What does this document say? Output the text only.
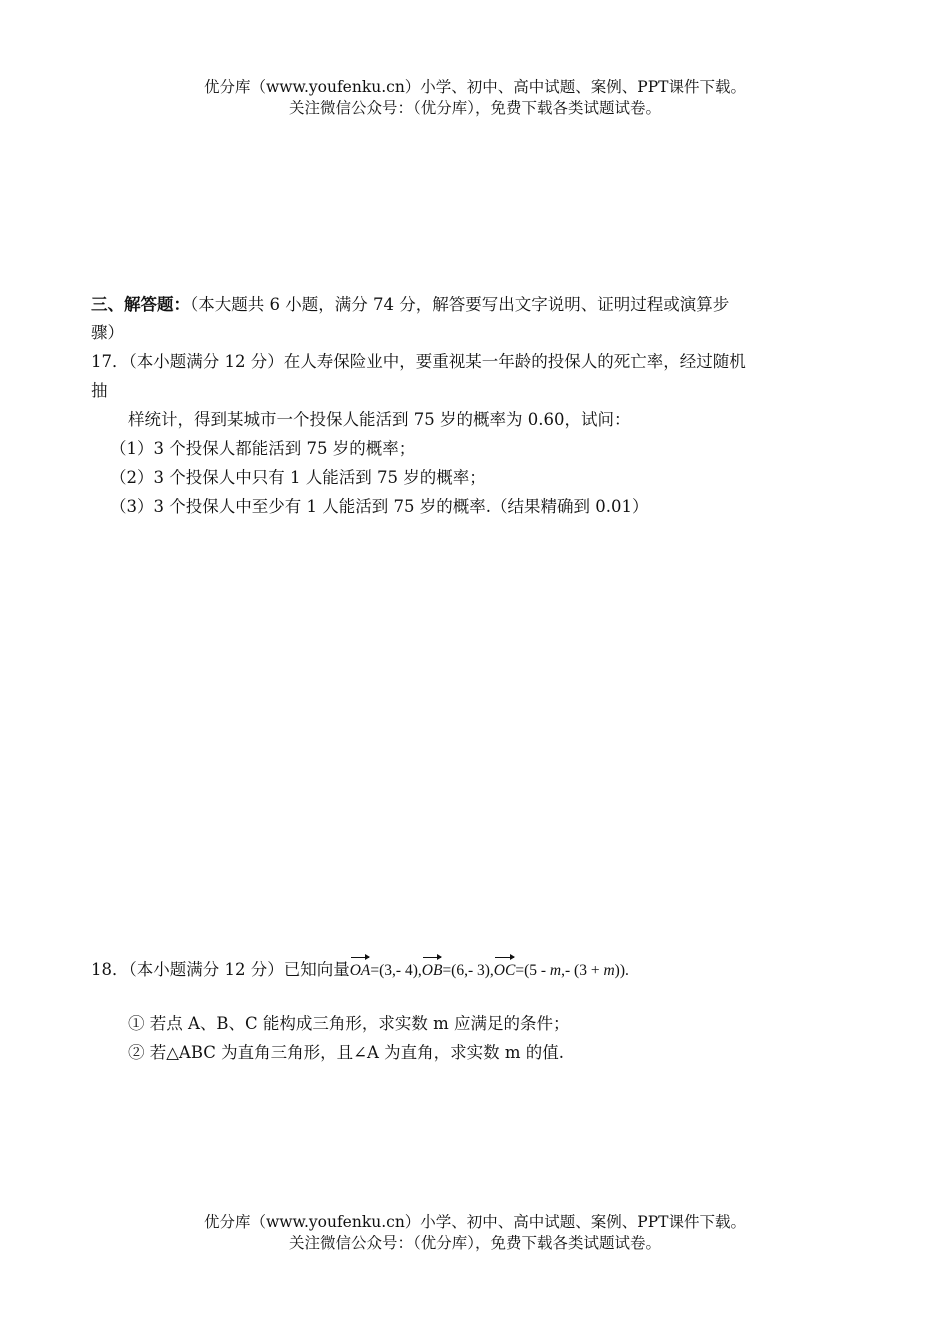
优分库（www.youfenku.cn）小学、初中、高中试题、案例、PPT课件下载。
关注微信公众号：（优分库），免费下载各类试题试卷。
三、解答题：（本大题共 6 小题，满分 74 分，解答要写出文字说明、证明过程或演算步
骤）
17．（本小题满分 12 分）在人寿保险业中，要重视某一年龄的投保人的死亡率，经过随机
抽
样统计，得到某城市一个投保人能活到 75 岁的概率为 0.60，试问：
（1）3 个投保人都能活到 75 岁的概率；
（2）3 个投保人中只有 1 人能活到 75 岁的概率；
（3）3 个投保人中至少有 1 人能活到 75 岁的概率.（结果精确到 0.01）
18．（本小题满分 12 分）已知向量OA=(3,- 4),OB=(6,- 3),OC=(5 - m,- (3 + m)).
① 若点 A、B、C 能构成三角形，求实数 m 应满足的条件；
② 若△ABC 为直角三角形，且∠A 为直角，求实数 m 的值.
优分库（www.youfenku.cn）小学、初中、高中试题、案例、PPT课件下载。
关注微信公众号：（优分库），免费下载各类试题试卷。
